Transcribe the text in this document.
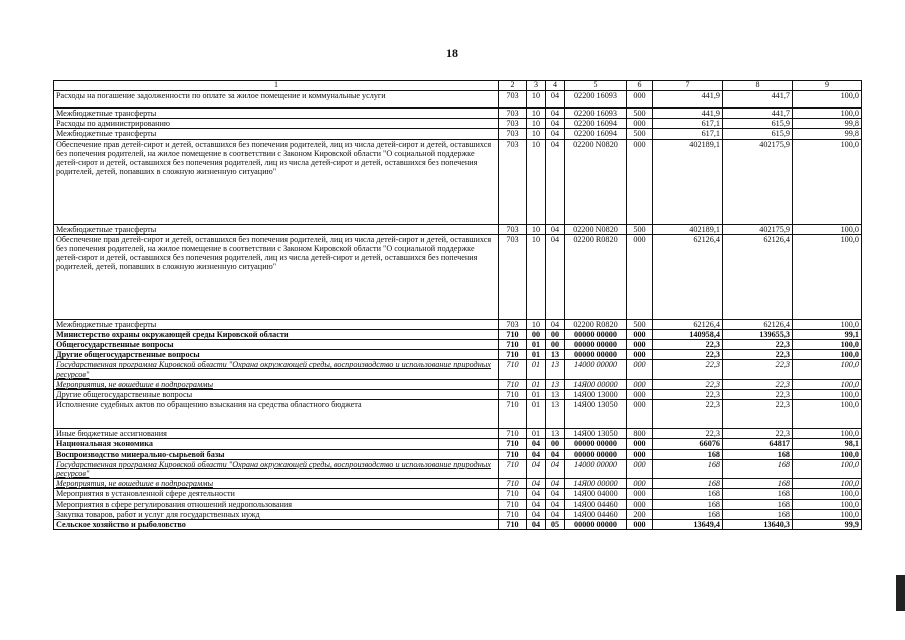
18
1	2	3	4	5	6	7	8	9
Расходы на погашение задолженности по оплате за жилое помещение и коммунальные услуги	703	10	04	02200 16093	000	441,9	441,7	100,0
Межбюджетные трансферты	703	10	04	02200 16093	500	441,9	441,7	100,0
Расходы по администрированию	703	10	04	02200 16094	000	617,1	615,9	99,8
Межбюджетные трансферты	703	10	04	02200 16094	500	617,1	615,9	99,8
Обеспечение прав детей-сирот и детей, оставшихся без попечения родителей, лиц из числа детей-сирот и детей, оставшихся без попечения родителей, на жилое помещение в соответствии с Законом Кировской области "О социальной поддержке детей-сирот и детей, оставшихся без попечения родителей, лиц из числа детей-сирот и детей, оставшихся без попечения родителей, детей, попавших в сложную жизненную ситуацию"	703	10	04	02200 N0820	000	402189,1	402175,9	100,0
Межбюджетные трансферты	703	10	04	02200 N0820	500	402189,1	402175,9	100,0
Обеспечение прав детей-сирот и детей, оставшихся без попечения родителей, лиц из числа детей-сирот и детей, оставшихся без попечения родителей, на жилое помещение в соответствии с Законом Кировской области "О социальной поддержке детей-сирот и детей, оставшихся без попечения родителей, лиц из числа детей-сирот и детей, оставшихся без попечения родителей, детей, попавших в сложную жизненную ситуацию"	703	10	04	02200 R0820	000	62126,4	62126,4	100,0
Межбюджетные трансферты	703	10	04	02200 R0820	500	62126,4	62126,4	100,0
Министерство охраны окружающей среды Кировской области	710	00	00	00000 00000	000	140958,4	139655,3	99,1
Общегосударственные вопросы	710	01	00	00000 00000	000	22,3	22,3	100,0
Другие общегосударственные вопросы	710	01	13	00000 00000	000	22,3	22,3	100,0
Государственная программа Кировской области "Охрана окружающей среды, воспроизводство и использование природных ресурсов"	710	01	13	14000 00000	000	22,3	22,3	100,0
Мероприятия, не вошедшие в подпрограммы	710	01	13	14Я00 00000	000	22,3	22,3	100,0
Другие общегосударственные вопросы	710	01	13	14Я00 13000	000	22,3	22,3	100,0
Исполнение судебных актов по обращению взыскания на средства областного бюджета	710	01	13	14Я00 13050	000	22,3	22,3	100,0
Иные бюджетные ассигнования	710	01	13	14Я00 13050	800	22,3	22,3	100,0
Национальная экономика	710	04	00	00000 00000	000	66076	64817	98,1
Воспроизводство минерально-сырьевой базы	710	04	04	00000 00000	000	168	168	100,0
Государственная программа Кировской области "Охрана окружающей среды, воспроизводство и использование природных ресурсов"	710	04	04	14000 00000	000	168	168	100,0
Мероприятия, не вошедшие в подпрограммы	710	04	04	14Я00 00000	000	168	168	100,0
Мероприятия в установленной сфере деятельности	710	04	04	14Я00 04000	000	168	168	100,0
Мероприятия в сфере регулирования отношений недропользования	710	04	04	14Я00 04460	000	168	168	100,0
Закупка товаров, работ и услуг для государственных нужд	710	04	04	14Я00 04460	200	168	168	100,0
Сельское хозяйство и рыболовство	710	04	05	00000 00000	000	13649,4	13640,3	99,9
